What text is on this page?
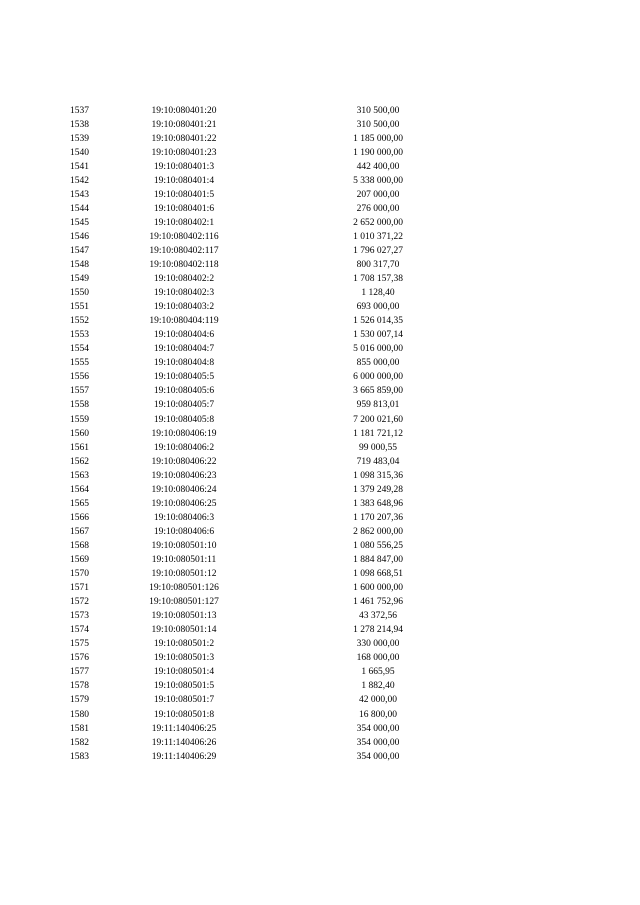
1537	19:10:080401:20	310 500,00
1538	19:10:080401:21	310 500,00
1539	19:10:080401:22	1 185 000,00
1540	19:10:080401:23	1 190 000,00
1541	19:10:080401:3	442 400,00
1542	19:10:080401:4	5 338 000,00
1543	19:10:080401:5	207 000,00
1544	19:10:080401:6	276 000,00
1545	19:10:080402:1	2 652 000,00
1546	19:10:080402:116	1 010 371,22
1547	19:10:080402:117	1 796 027,27
1548	19:10:080402:118	800 317,70
1549	19:10:080402:2	1 708 157,38
1550	19:10:080402:3	1 128,40
1551	19:10:080403:2	693 000,00
1552	19:10:080404:119	1 526 014,35
1553	19:10:080404:6	1 530 007,14
1554	19:10:080404:7	5 016 000,00
1555	19:10:080404:8	855 000,00
1556	19:10:080405:5	6 000 000,00
1557	19:10:080405:6	3 665 859,00
1558	19:10:080405:7	959 813,01
1559	19:10:080405:8	7 200 021,60
1560	19:10:080406:19	1 181 721,12
1561	19:10:080406:2	99 000,55
1562	19:10:080406:22	719 483,04
1563	19:10:080406:23	1 098 315,36
1564	19:10:080406:24	1 379 249,28
1565	19:10:080406:25	1 383 648,96
1566	19:10:080406:3	1 170 207,36
1567	19:10:080406:6	2 862 000,00
1568	19:10:080501:10	1 080 556,25
1569	19:10:080501:11	1 884 847,00
1570	19:10:080501:12	1 098 668,51
1571	19:10:080501:126	1 600 000,00
1572	19:10:080501:127	1 461 752,96
1573	19:10:080501:13	43 372,56
1574	19:10:080501:14	1 278 214,94
1575	19:10:080501:2	330 000,00
1576	19:10:080501:3	168 000,00
1577	19:10:080501:4	1 665,95
1578	19:10:080501:5	1 882,40
1579	19:10:080501:7	42 000,00
1580	19:10:080501:8	16 800,00
1581	19:11:140406:25	354 000,00
1582	19:11:140406:26	354 000,00
1583	19:11:140406:29	354 000,00
